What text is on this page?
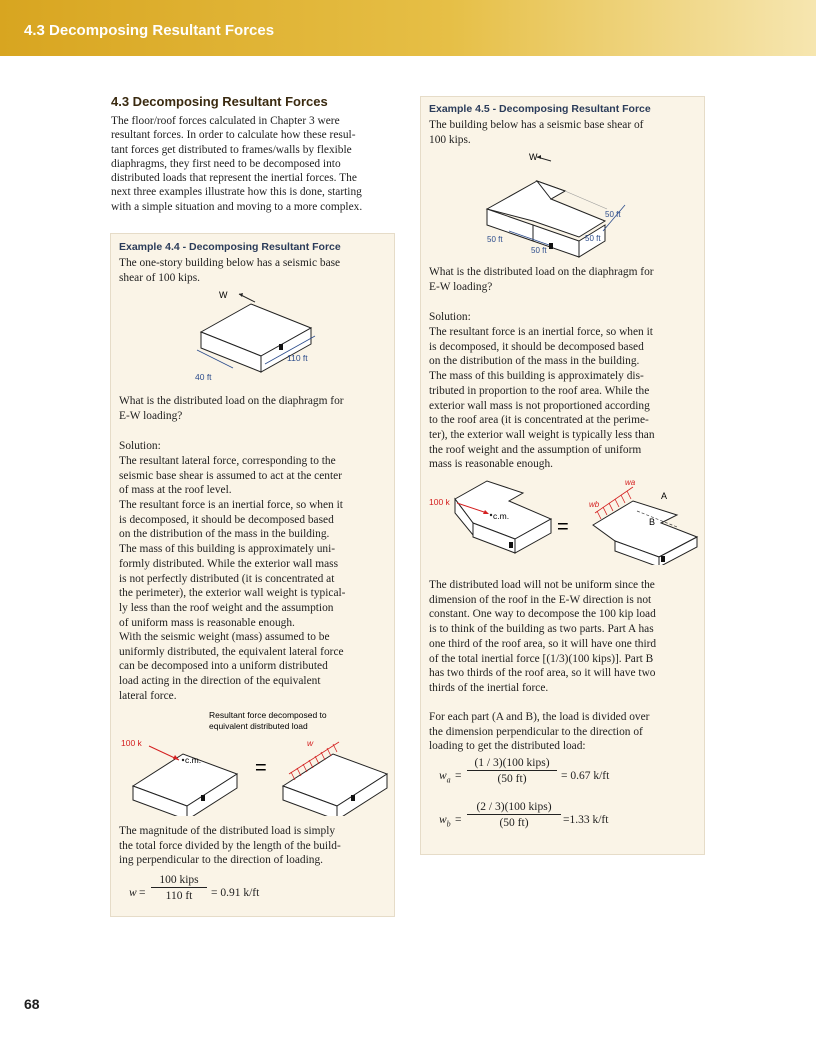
4.3 Decomposing Resultant Forces
4.3 Decomposing Resultant Forces
The floor/roof forces calculated in Chapter 3 were
resultant forces. In order to calculate how these resul-
tant forces get distributed to frames/walls by flexible
diaphragms, they first need to be decomposed into
distributed loads that represent the inertial forces. The
next three examples illustrate how this is done, starting
with a simple situation and moving to a more complex.
Example 4.4 - Decomposing Resultant Force
The one-story building below has a seismic base
shear of 100 kips.
W
110 ft
40 ft
What is the distributed load on the diaphragm for
E-W loading?
Solution:
The resultant lateral force, corresponding to the
seismic base shear is assumed to act at the center
of mass at the roof level.
The resultant force is an inertial force, so when it
is decomposed, it should be decomposed based
on the distribution of the mass in the building.
The mass of this building is approximately uni-
formly distributed. While the exterior wall mass
is not perfectly distributed (it is concentrated at
the perimeter), the exterior wall weight is typical-
ly less than the roof weight and the assumption
of uniform mass is reasonable enough.
With the seismic weight (mass) assumed to be
uniformly distributed, the equivalent lateral force
can be decomposed into a uniform distributed
load acting in the direction of the equivalent
lateral force.
Resultant force decomposed to
equivalent distributed load
100 k
c.m.	=
w
The magnitude of the distributed load is simply
the total force divided by the length of the build-
ing perpendicular to the direction of loading.
w =
100 kips
110 ft	= 0.91 k/ft
Example 4.5 - Decomposing Resultant Force
The building below has a seismic base shear of
100 kips.
W
50 ft
50 ft
50 ft
50 ft
What is the distributed load on the diaphragm for
E-W loading?
Solution:
The resultant force is an inertial force, so when it
is decomposed, it should be decomposed based
on the distribution of the mass in the building.
The mass of this building is approximately dis-
tributed in proportion to the roof area. While the
exterior wall mass is not proportioned according
to the roof area (it is concentrated at the perime-
ter), the exterior wall weight is typically less than
the roof weight and the assumption of uniform
mass is reasonable enough.
100 k
c.m. =
wa
wb
A
B
The distributed load will not be uniform since the
dimension of the roof in the E-W direction is not
constant. One way to decompose the 100 kip load
is to think of the building as two parts. Part A has
one third of the roof area, so it will have one third
of the total inertial force [(1/3)(100 kips)]. Part B
has two thirds of the roof area, so it will have two
thirds of the inertial force.
For each part (A and B), the load is divided over
the dimension perpendicular to the direction of
loading to get the distributed load:
$w_a$ =
(1 / 3)(100 kips)
(50 ft)	= 0.67 k/ft
$w_b$ =
(2 / 3)(100 kips)
(50 ft)	=1.33 k/ft
68
